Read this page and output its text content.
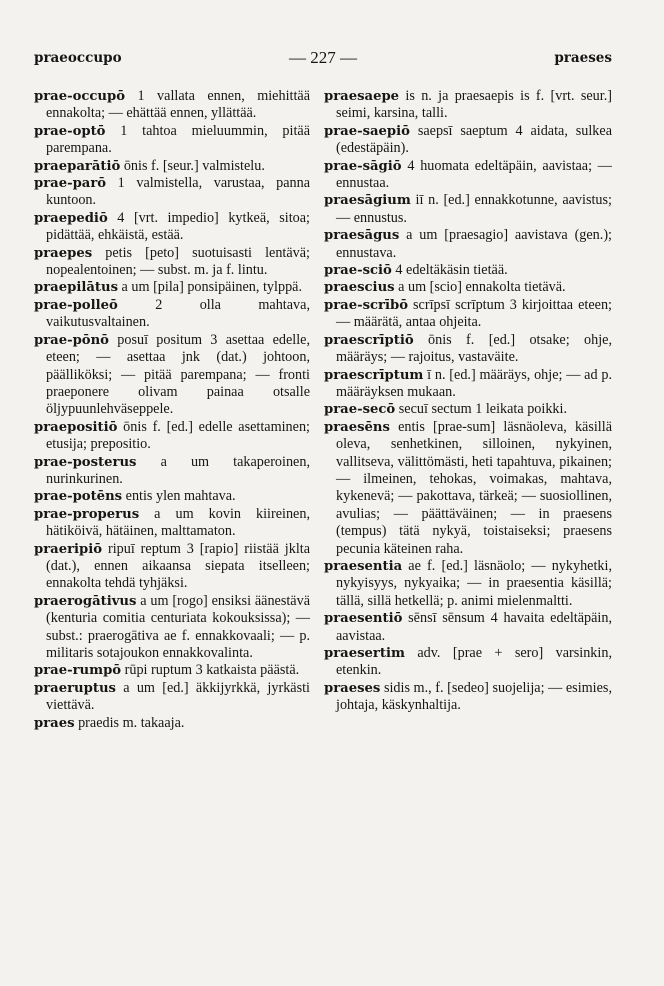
praeoccupo	— 227 —	praeses

prae-occupō 1 vallata ennen, miehittää ennakolta; — ehättää ennen, yllättää.

prae-optō 1 tahtoa mieluummin, pitää parempana.

praeparātiō ōnis f. [seur.] valmistelu.

prae-parō 1 valmistella, varustaa, panna kuntoon.

praepediō 4 [vrt. impedio] kytkeä, sitoa; pidättää, ehkäistä, estää.

praepes petis [peto] suotuisasti lentävä; nopealentoinen; — subst. m. ja f. lintu.

praepilātus a um [pila] ponsipäinen, tylppä.

prae-polleō 2 olla mahtava, vaikutusvaltainen.

prae-pōnō posuī positum 3 asettaa edelle, eteen; — asettaa jnk (dat.) johtoon, päälliköksi; — pitää parempana; — fronti praeponere olivam painaa otsalle öljypuunlehväseppele.

praepositiō ōnis f. [ed.] edelle asettaminen; etusija; prepositio.

prae-posterus a um takaperoinen, nurinkurinen.

prae-potēns entis ylen mahtava.

prae-properus a um kovin kiireinen, hätiköivä, hätäinen, malttamaton.

praeripiō ripuī reptum 3 [rapio] riistää jklta (dat.), ennen aikaansa siepata itselleen; ennakolta tehdä tyhjäksi.

praerogātivus a um [rogo] ensiksi äänestävä (kenturia comitia centuriata kokouksissa); — subst.: praerogātiva ae f. ennakkovaali; — p. militaris sotajoukon ennakkovalinta.

prae-rumpō rūpi ruptum 3 katkaista päästä.

praeruptus a um [ed.] äkkijyrkkä, jyrkästi viettävä.

praes praedis m. takaaja.

praesaepe is n. ja praesaepis is f. [vrt. seur.] seimi, karsina, talli.

prae-saepiō saepsī saeptum 4 aidata, sulkea (edestäpäin).

prae-sāgiō 4 huomata edeltäpäin, aavistaa; — ennustaa.

praesāgium iī n. [ed.] ennakkotunne, aavistus; — ennustus.

praesāgus a um [praesagio] aavistava (gen.); ennustava.

prae-sciō 4 edeltäkäsin tietää.

praescius a um [scio] ennakolta tietävä.

prae-scrībō scrīpsī scrīptum 3 kirjoittaa eteen; — määrätä, antaa ohjeita.

praescrīptiō ōnis f. [ed.] otsake; ohje, määräys; — rajoitus, vastaväite.

praescrīptum ī n. [ed.] määräys, ohje; — ad p. määräyksen mukaan.

prae-secō secuī sectum 1 leikata poikki.

praesēns entis [prae-sum] läsnäoleva, käsillä oleva, senhetkinen, silloinen, nykyinen, vallitseva, välittömästi, heti tapahtuva, pikainen; — ilmeinen, tehokas, voimakas, mahtava, kykenevä; — pakottava, tärkeä; — suosiollinen, avulias; — päättäväinen; — in praesens (tempus) tätä nykyä, toistaiseksi; praesens pecunia käteinen raha.

praesentia ae f. [ed.] läsnäolo; — nykyhetki, nykyisyys, nykyaika; — in praesentia käsillä; tällä, sillä hetkellä; p. animi mielenmaltti.

praesentiō sēnsī sēnsum 4 havaita edeltäpäin, aavistaa.

praesertim adv. [prae + sero] varsinkin, etenkin.

praeses sidis m., f. [sedeo] suojelija; — esimies, johtaja, käskynhaltija.
